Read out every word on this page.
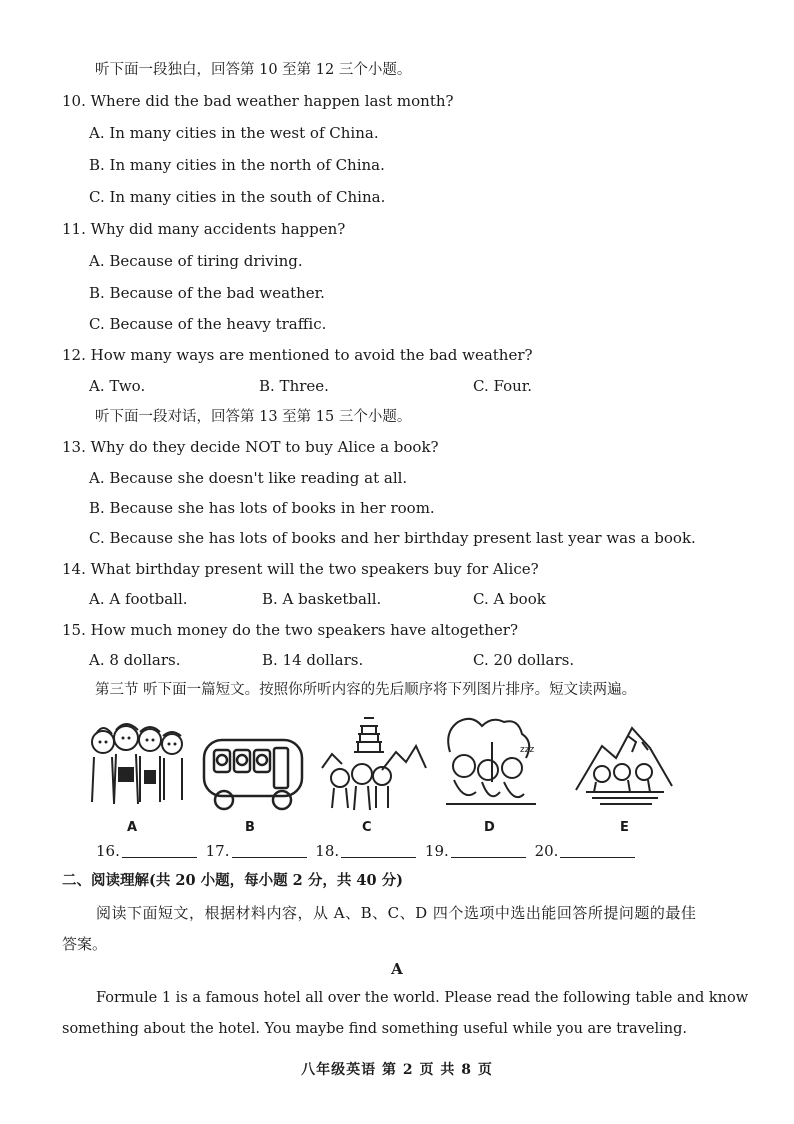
听下面一段独白，回答第 10 至第 12 三个小题。
10. Where did the bad weather happen last month?
A. In many cities in the west of China.
B. In many cities in the north of China.
C. In many cities in the south of China.
11. Why did many accidents happen?
A. Because of tiring driving.
B. Because of the bad weather.
C. Because of the heavy traffic.
12. How many ways are mentioned to avoid the bad weather?
A. Two.	B. Three.	C. Four.
听下面一段对话，回答第 13 至第 15 三个小题。
13. Why do they decide NOT to buy Alice a book?
A. Because she doesn't like reading at all.
B. Because she has lots of books in her room.
C. Because she has lots of books and her birthday present last year was a book.
14. What birthday present will the two speakers buy for Alice?
A. A football.	B. A basketball.	C. A book
15. How much money do the two speakers have altogether?
A. 8 dollars.	B. 14 dollars.	C. 20 dollars.
第三节 听下面一篇短文。按照你所听内容的先后顺序将下列图片排序。短文读两遍。
zzz
A	B	C	D	E
16.	17.	18.	19.	20.
二、阅读理解(共 20 小题，每小题 2 分，共 40 分)
阅读下面短文，根据材料内容，从 A、B、C、D 四个选项中选出能回答所提问题的最佳
答案。
A
Formule 1 is a famous hotel all over the world. Please read the following table and know
something about the hotel. You maybe find something useful while you are traveling.
八年级英语 第 2 页 共 8 页
